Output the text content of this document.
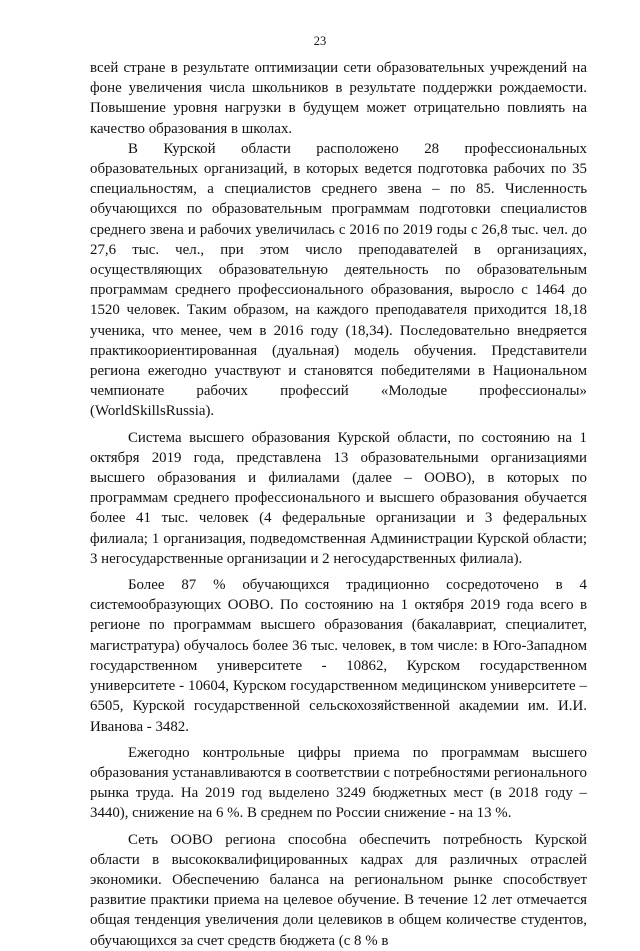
23

всей стране в результате оптимизации сети образовательных учреждений на фоне увеличения числа школьников в результате поддержки рождаемости. Повышение уровня нагрузки в будущем может отрицательно повлиять на качество образования в школах.

В Курской области расположено 28 профессиональных образовательных организаций, в которых ведется подготовка рабочих по 35 специальностям, а специалистов среднего звена – по 85. Численность обучающихся по образовательным программам подготовки специалистов среднего звена и рабочих увеличилась с 2016 по 2019 годы с 26,8 тыс. чел. до 27,6 тыс. чел., при этом число преподавателей в организациях, осуществляющих образовательную деятельность по образовательным программам среднего профессионального образования, выросло с 1464 до 1520 человек. Таким образом, на каждого преподавателя приходится 18,18 ученика, что менее, чем в 2016 году (18,34). Последовательно внедряется практикоориентированная (дуальная) модель обучения. Представители региона ежегодно участвуют и становятся победителями в Национальном чемпионате рабочих профессий «Молодые профессионалы» (WorldSkillsRussia).

Система высшего образования Курской области, по состоянию на 1 октября 2019 года, представлена 13 образовательными организациями высшего образования и филиалами (далее – ООВО), в которых по программам среднего профессионального и высшего образования обучается более 41 тыс. человек (4 федеральные организации и 3 федеральных филиала; 1 организация, подведомственная Администрации Курской области; 3 негосударственные организации и 2 негосударственных филиала).

Более 87 % обучающихся традиционно сосредоточено в 4 системообразующих ООВО. По состоянию на 1 октября 2019 года всего в регионе по программам высшего образования (бакалавриат, специалитет, магистратура) обучалось более 36 тыс. человек, в том числе: в Юго-Западном государственном университете - 10862, Курском государственном университете - 10604, Курском государственном медицинском университете – 6505, Курской государственной сельскохозяйственной академии им. И.И. Иванова - 3482.

Ежегодно контрольные цифры приема по программам высшего образования устанавливаются в соответствии с потребностями регионального рынка труда. На 2019 год выделено 3249 бюджетных мест (в 2018 году – 3440), снижение на 6 %. В среднем по России снижение - на 13 %.

Сеть ООВО региона способна обеспечить потребность Курской области в высококвалифицированных кадрах для различных отраслей экономики. Обеспечению баланса на региональном рынке способствует развитие практики приема на целевое обучение. В течение 12 лет отмечается общая тенденция увеличения доли целевиков в общем количестве студентов, обучающихся за счет средств бюджета (с 8 % в
